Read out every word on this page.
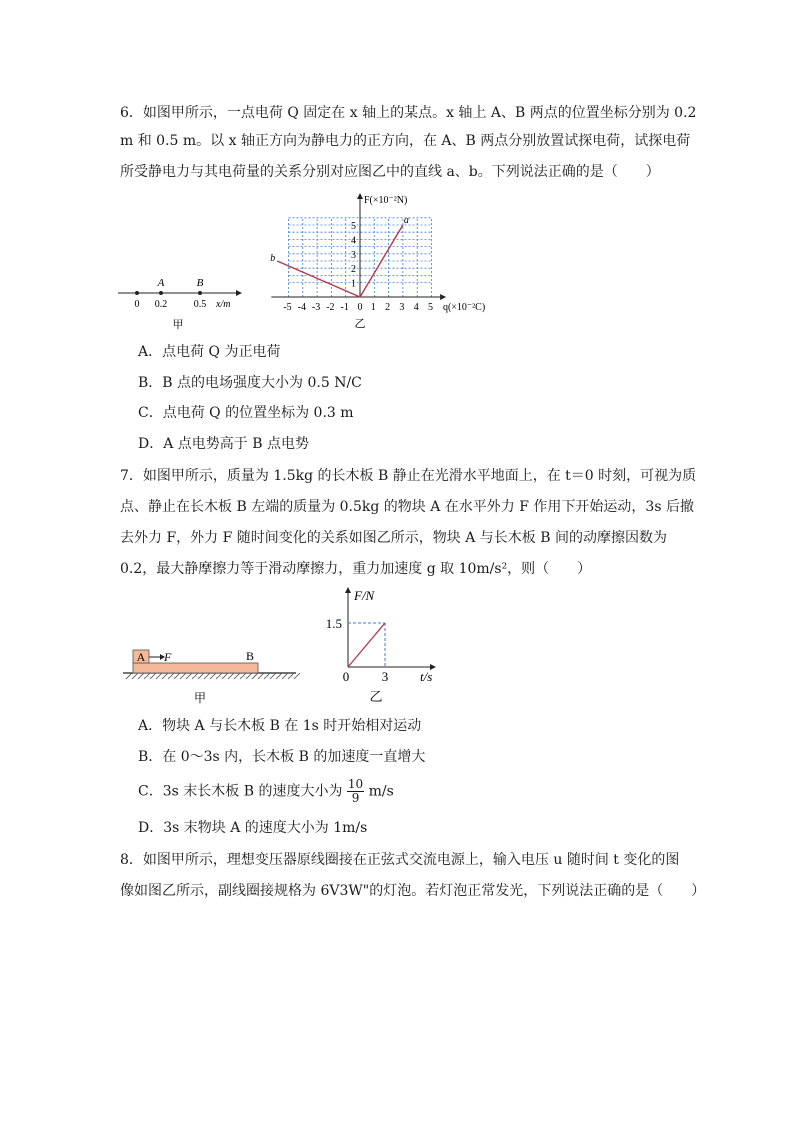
6．如图甲所示，一点电荷 Q 固定在 x 轴上的某点。x 轴上 A、B 两点的位置坐标分别为 0.2
m 和 0.5 m。以 x 轴正方向为静电力的正方向，在 A、B 两点分别放置试探电荷，试探电荷
所受静电力与其电荷量的关系分别对应图乙中的直线 a、b。下列说法正确的是（　　）
A	B
0 0.2	0.5 x/m
甲
-5 -4 -3 -2 -1 0 1 2 3 4 5
1
2
3
4
5
F(×10⁻²N)
q(×10⁻²C)
a
b
乙
A．点电荷 Q 为正电荷
B．B 点的电场强度大小为 0.5 N/C
C．点电荷 Q 的位置坐标为 0.3 m
D．A 点电势高于 B 点电势
7．如图甲所示，质量为 1.5kg 的长木板 B 静止在光滑水平地面上，在 t＝0 时刻，可视为质
点、静止在长木板 B 左端的质量为 0.5kg 的物块 A 在水平外力 F 作用下开始运动，3s 后撤
去外力 F，外力 F 随时间变化的关系如图乙所示，物块 A 与长木板 B 间的动摩擦因数为
0.2，最大静摩擦力等于滑动摩擦力，重力加速度 g 取 10m/s²，则（　　）
A F	B
甲
F/N
1.5
0	3 t/s
乙
A．物块 A 与长木板 B 在 1s 时开始相对运动
B．在 0～3s 内，长木板 B 的加速度一直增大
C．3s 末长木板 B 的速度大小为 $\frac{10}{9} m/s$
D．3s 末物块 A 的速度大小为 1m/s
8．如图甲所示，理想变压器原线圈接在正弦式交流电源上，输入电压 u 随时间 t 变化的图
像如图乙所示，副线圈接规格为 6V3W"的灯泡。若灯泡正常发光，下列说法正确的是（　　）
